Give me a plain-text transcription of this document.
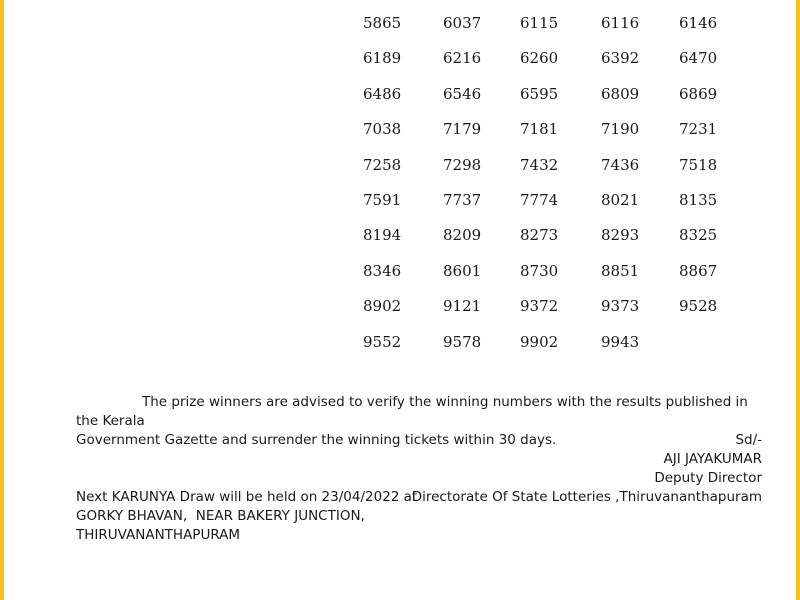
5865	6037	6115	6116	6146
6189	6216	6260	6392	6470
6486	6546	6595	6809	6869
7038	7179	7181	7190	7231
7258	7298	7432	7436	7518
7591	7737	7774	8021	8135
8194	8209	8273	8293	8325
8346	8601	8730	8851	8867
8902	9121	9372	9373	9528
9552	9578	9902	9943
The prize winners are advised to verify the winning numbers with the results published in the Kerala
Government Gazette and surrender the winning tickets within 30 days.	Sd/-
AJI JAYAKUMAR
Deputy Director
Directorate Of State Lotteries ,Thiruvananthapuram
Next KARUNYA Draw will be held on 23/04/2022 at
GORKY BHAVAN,  NEAR BAKERY JUNCTION,
THIRUVANANTHAPURAM
